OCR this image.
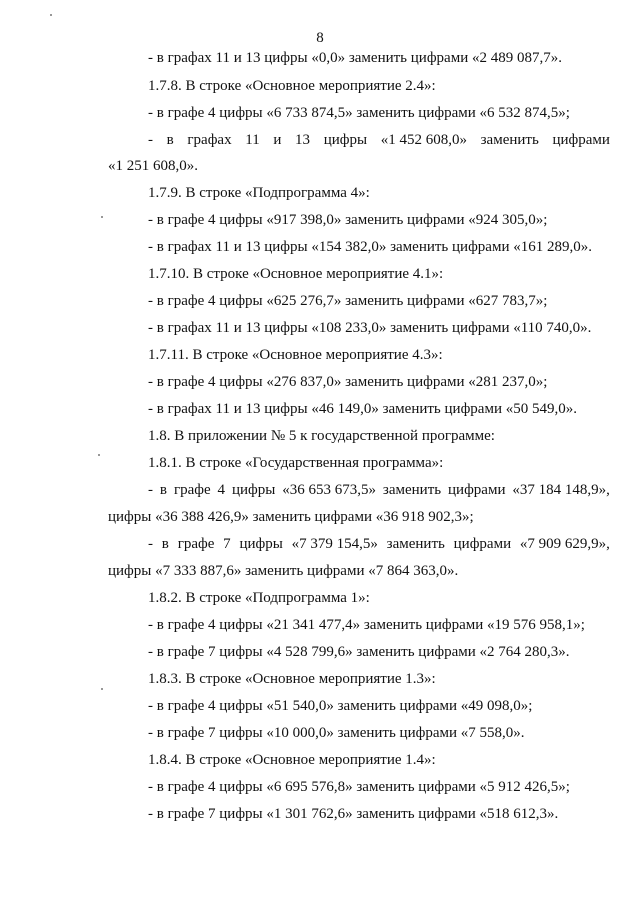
8
- в графах 11 и 13 цифры «0,0» заменить цифрами «2 489 087,7».
1.7.8. В строке «Основное мероприятие 2.4»:
- в графе 4 цифры «6 733 874,5» заменить цифрами «6 532 874,5»;
- в графах 11 и 13 цифры «1 452 608,0» заменить цифрами
«1 251 608,0».
1.7.9. В строке «Подпрограмма 4»:
- в графе 4 цифры «917 398,0» заменить цифрами «924 305,0»;
- в графах 11 и 13 цифры «154 382,0» заменить цифрами «161 289,0».
1.7.10. В строке «Основное мероприятие 4.1»:
- в графе 4 цифры «625 276,7» заменить цифрами «627 783,7»;
- в графах 11 и 13 цифры «108 233,0» заменить цифрами «110 740,0».
1.7.11. В строке «Основное мероприятие 4.3»:
- в графе 4 цифры «276 837,0» заменить цифрами «281 237,0»;
- в графах 11 и 13 цифры «46 149,0» заменить цифрами «50 549,0».
1.8. В приложении № 5 к государственной программе:
1.8.1. В строке «Государственная программа»:
- в графе 4 цифры «36 653 673,5» заменить цифрами «37 184 148,9»,
цифры «36 388 426,9» заменить цифрами «36 918 902,3»;
- в графе 7 цифры «7 379 154,5» заменить цифрами «7 909 629,9»,
цифры «7 333 887,6» заменить цифрами «7 864 363,0».
1.8.2. В строке «Подпрограмма 1»:
- в графе 4 цифры «21 341 477,4» заменить цифрами «19 576 958,1»;
- в графе 7 цифры «4 528 799,6» заменить цифрами «2 764 280,3».
1.8.3. В строке «Основное мероприятие 1.3»:
- в графе 4 цифры «51 540,0» заменить цифрами «49 098,0»;
- в графе 7 цифры «10 000,0» заменить цифрами «7 558,0».
1.8.4. В строке «Основное мероприятие 1.4»:
- в графе 4 цифры «6 695 576,8» заменить цифрами «5 912 426,5»;
- в графе 7 цифры «1 301 762,6» заменить цифрами «518 612,3».
